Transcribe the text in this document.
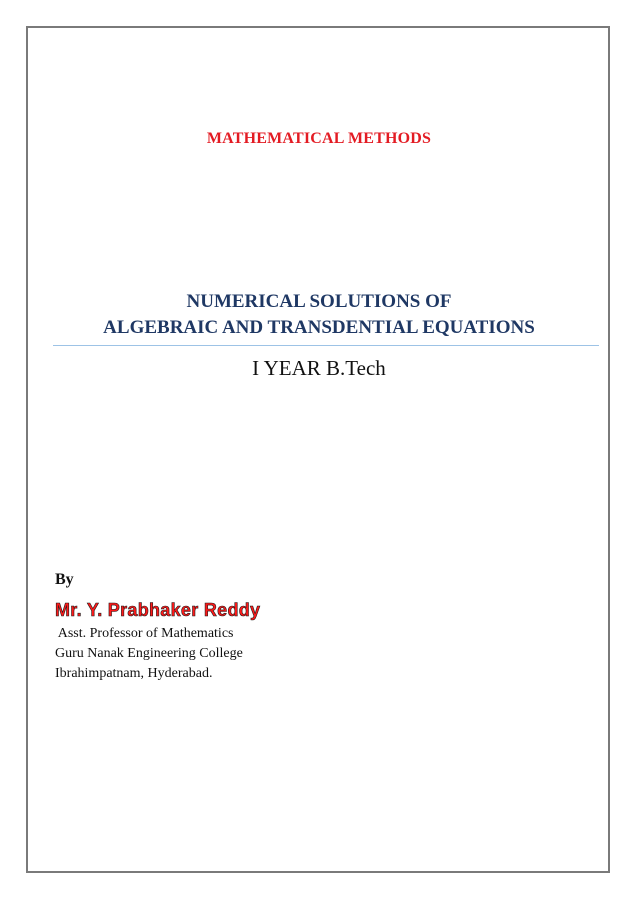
MATHEMATICAL METHODS
NUMERICAL SOLUTIONS OF
ALGEBRAIC AND TRANSDENTIAL EQUATIONS
I YEAR B.Tech
By
Mr. Y. Prabhaker Reddy
Asst. Professor of Mathematics
Guru Nanak Engineering College
Ibrahimpatnam, Hyderabad.
